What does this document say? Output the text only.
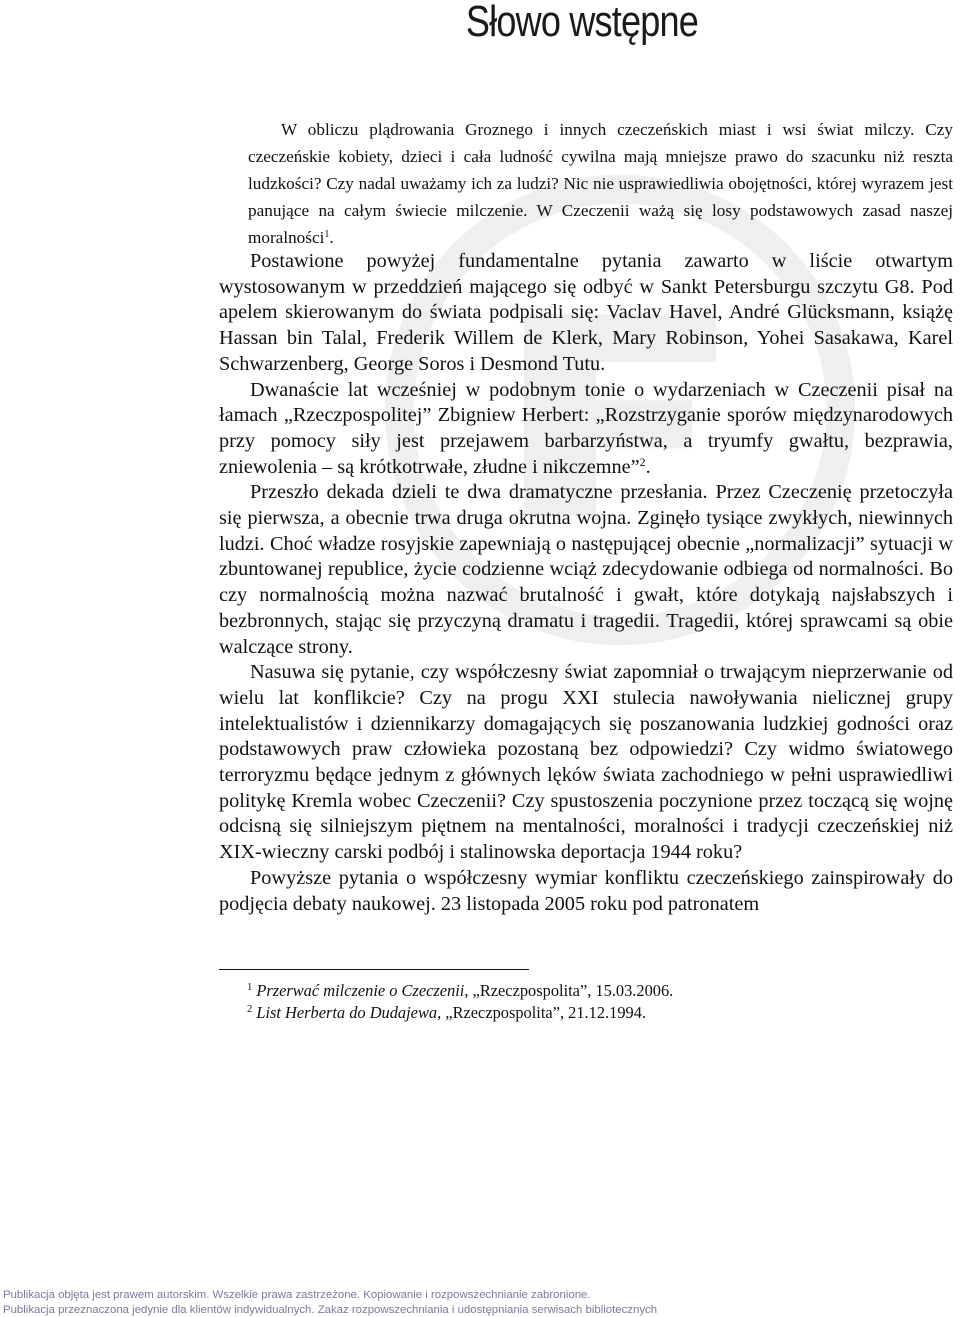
Słowo wstępne

W obliczu plądrowania Groznego i innych czeczeńskich miast i wsi świat milczy. Czy czeczeńskie kobiety, dzieci i cała ludność cywilna mają mniejsze prawo do szacunku niż reszta ludzkości? Czy nadal uważamy ich za ludzi? Nic nie usprawiedliwia obojętności, której wyrazem jest panujące na całym świecie milczenie. W Czeczenii ważą się losy podstawowych zasad naszej moralności$^1$.

Postawione powyżej fundamentalne pytania zawarto w liście otwartym wystosowanym w przeddzień mającego się odbyć w Sankt Petersburgu szczytu G8. Pod apelem skierowanym do świata podpisali się: Vaclav Havel, André Glücksmann, książę Hassan bin Talal, Frederik Willem de Klerk, Mary Robinson, Yohei Sasakawa, Karel Schwarzenberg, George Soros i Desmond Tutu.

Dwanaście lat wcześniej w podobnym tonie o wydarzeniach w Czeczenii pisał na łamach „Rzeczpospolitej” Zbigniew Herbert: „Rozstrzyganie sporów międzynarodowych przy pomocy siły jest przejawem barbarzyństwa, a tryumfy gwałtu, bezprawia, zniewolenia – są krótkotrwałe, złudne i nikczemne”$^2$.

Przeszło dekada dzieli te dwa dramatyczne przesłania. Przez Czeczenię przetoczyła się pierwsza, a obecnie trwa druga okrutna wojna. Zginęło tysiące zwykłych, niewinnych ludzi. Choć władze rosyjskie zapewniają o następującej obecnie „normalizacji” sytuacji w zbuntowanej republice, życie codzienne wciąż zdecydowanie odbiega od normalności. Bo czy normalnością można nazwać brutalność i gwałt, które dotykają najsłabszych i bezbronnych, stając się przyczyną dramatu i tragedii. Tragedii, której sprawcami są obie walczące strony.

Nasuwa się pytanie, czy współczesny świat zapomniał o trwającym nieprzerwanie od wielu lat konflikcie? Czy na progu XXI stulecia nawoływania nielicznej grupy intelektualistów i dziennikarzy domagających się poszanowania ludzkiej godności oraz podstawowych praw człowieka pozostaną bez odpowiedzi? Czy widmo światowego terroryzmu będące jednym z głównych lęków świata zachodniego w pełni usprawiedliwi politykę Kremla wobec Czeczenii? Czy spustoszenia poczynione przez toczącą się wojnę odcisną się silniejszym piętnem na mentalności, moralności i tradycji czeczeńskiej niż XIX-wieczny carski podbój i stalinowska deportacja 1944 roku?

Powyższe pytania o współczesny wymiar konfliktu czeczeńskiego zainspirowały do podjęcia debaty naukowej. 23 listopada 2005 roku pod patronatem

$^1$ Przerwać milczenie o Czeczenii, „Rzeczpospolita”, 15.03.2006.

$^2$ List Herberta do Dudajewa, „Rzeczpospolita”, 21.12.1994.

Publikacja objęta jest prawem autorskim. Wszelkie prawa zastrzeżone. Kopiowanie i rozpowszechnianie zabronione.
Publikacja przeznaczona jedynie dla klientów indywidualnych. Zakaz rozpowszechniania i udostępniania serwisach bibliotecznych
